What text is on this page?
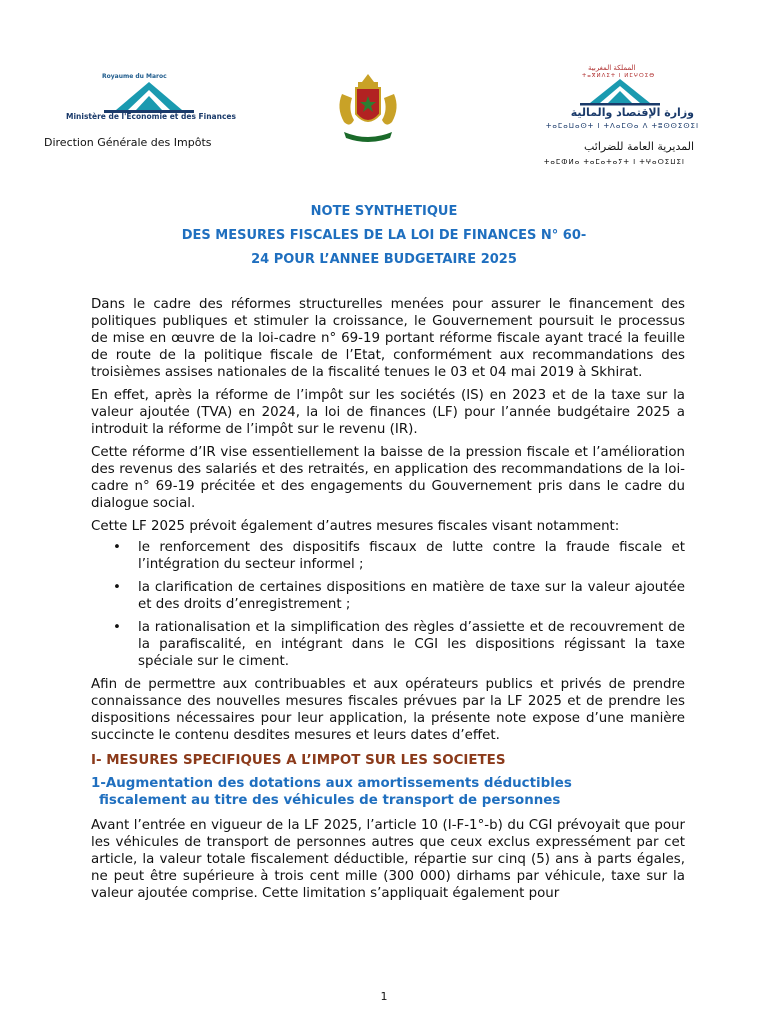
Royaume du Maroc
Ministère de l'Economie et des Finances
Direction Générale des Impôts
المملكة المغربية
ⵜⴰⴳⵍⴷⵉⵜ ⵏ ⵍⵎⵖⵔⵉⴱ
وزارة الإقتصاد والمالية
ⵜⴰⵎⴰⵡⴰⵙⵜ ⵏ ⵜⴷⴰⵎⵙⴰ ⴷ ⵜⵓⵙⵙⵉⵙⵉⵏ
المديرية العامة للضرائب
ⵜⴰⵎⵀⵍⴰ ⵜⴰⵎⴰⵜⴰⵢⵜ ⵏ ⵜⵖⴰⵔⵉⵡⵉⵏ
NOTE SYNTHETIQUE
DES MESURES FISCALES DE LA LOI DE FINANCES N° 60-
24 POUR L’ANNEE BUDGETAIRE 2025

Dans le cadre des réformes structurelles menées pour assurer le financement des politiques publiques et stimuler la croissance, le Gouvernement poursuit le processus de mise en œuvre de la loi-cadre n° 69-19 portant réforme fiscale ayant tracé la feuille de route de la politique fiscale de l’Etat, conformément aux recommandations des troisièmes assises nationales de la fiscalité tenues le 03 et 04 mai 2019 à Skhirat.

En effet, après la réforme de l’impôt sur les sociétés (IS) en 2023 et de la taxe sur la valeur ajoutée (TVA) en 2024, la loi de finances (LF) pour l’année budgétaire 2025 a introduit la réforme de l’impôt sur le revenu (IR).

Cette réforme d’IR vise essentiellement la baisse de la pression fiscale et l’amélioration des revenus des salariés et des retraités, en application des recommandations de la loi- cadre n° 69-19 précitée et des engagements du Gouvernement pris dans le cadre du dialogue social.

Cette LF 2025 prévoit également d’autres mesures fiscales visant notamment:

• le renforcement des dispositifs fiscaux de lutte contre la fraude fiscale et l’intégration du secteur informel ;
• la clarification de certaines dispositions en matière de taxe sur la valeur ajoutée et des droits d’enregistrement ;
• la rationalisation et la simplification des règles d’assiette et de recouvrement de la parafiscalité, en intégrant dans le CGI les dispositions régissant la taxe spéciale sur le ciment.

Afin de permettre aux contribuables et aux opérateurs publics et privés de prendre connaissance des nouvelles mesures fiscales prévues par la LF 2025 et de prendre les dispositions nécessaires pour leur application, la présente note expose d’une manière succincte le contenu desdites mesures et leurs dates d’effet.

I- MESURES SPECIFIQUES A L’IMPOT SUR LES SOCIETES
1-Augmentation des dotations aux amortissements déductibles
fiscalement au titre des véhicules de transport de personnes

Avant l’entrée en vigueur de la LF 2025, l’article 10 (I-F-1°-b) du CGI prévoyait que pour les véhicules de transport de personnes autres que ceux exclus expressément par cet article, la valeur totale fiscalement déductible, répartie sur cinq (5) ans à parts égales, ne peut être supérieure à trois cent mille (300 000) dirhams par véhicule, taxe sur la valeur ajoutée comprise. Cette limitation s’appliquait également pour

1
